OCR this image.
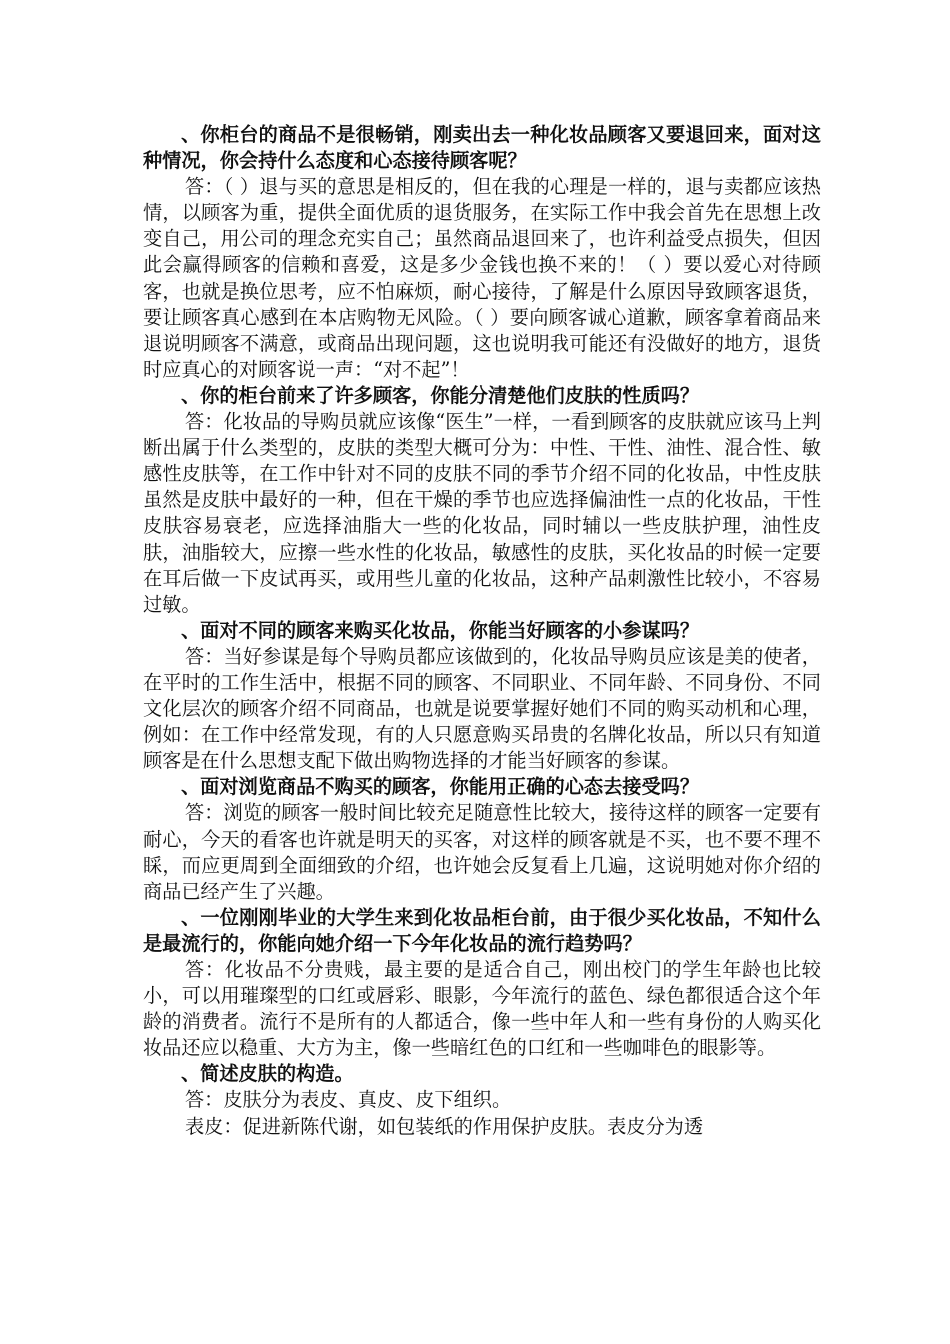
、你柜台的商品不是很畅销，刚卖出去一种化妆品顾客又要退回来，面对这种情况，你会持什么态度和心态接待顾客呢？

答：（ ）退与买的意思是相反的，但在我的心理是一样的，退与卖都应该热情，以顾客为重，提供全面优质的退货服务，在实际工作中我会首先在思想上改变自己，用公司的理念充实自己；虽然商品退回来了，也许利益受点损失，但因此会赢得顾客的信赖和喜爱，这是多少金钱也换不来的！（ ）要以爱心对待顾客，也就是换位思考，应不怕麻烦，耐心接待，了解是什么原因导致顾客退货，要让顾客真心感到在本店购物无风险。（ ）要向顾客诚心道歉，顾客拿着商品来退说明顾客不满意，或商品出现问题，这也说明我可能还有没做好的地方，退货时应真心的对顾客说一声：“对不起”！

、你的柜台前来了许多顾客，你能分清楚他们皮肤的性质吗？

答：化妆品的导购员就应该像“医生”一样，一看到顾客的皮肤就应该马上判断出属于什么类型的，皮肤的类型大概可分为：中性、干性、油性、混合性、敏感性皮肤等，在工作中针对不同的皮肤不同的季节介绍不同的化妆品，中性皮肤虽然是皮肤中最好的一种，但在干燥的季节也应选择偏油性一点的化妆品，干性皮肤容易衰老，应选择油脂大一些的化妆品，同时辅以一些皮肤护理，油性皮肤，油脂较大，应擦一些水性的化妆品，敏感性的皮肤，买化妆品的时候一定要在耳后做一下皮试再买，或用些儿童的化妆品，这种产品刺激性比较小，不容易过敏。

、面对不同的顾客来购买化妆品，你能当好顾客的小参谋吗？

答：当好参谋是每个导购员都应该做到的，化妆品导购员应该是美的使者，在平时的工作生活中，根据不同的顾客、不同职业、不同年龄、不同身份、不同文化层次的顾客介绍不同商品，也就是说要掌握好她们不同的购买动机和心理，例如：在工作中经常发现，有的人只愿意购买昂贵的名牌化妆品，所以只有知道顾客是在什么思想支配下做出购物选择的才能当好顾客的参谋。

、面对浏览商品不购买的顾客，你能用正确的心态去接受吗？

答：浏览的顾客一般时间比较充足随意性比较大，接待这样的顾客一定要有耐心，今天的看客也许就是明天的买客，对这样的顾客就是不买，也不要不理不睬，而应更周到全面细致的介绍，也许她会反复看上几遍，这说明她对你介绍的商品已经产生了兴趣。

、一位刚刚毕业的大学生来到化妆品柜台前，由于很少买化妆品，不知什么是最流行的，你能向她介绍一下今年化妆品的流行趋势吗？

答：化妆品不分贵贱，最主要的是适合自己，刚出校门的学生年龄也比较小，可以用璀璨型的口红或唇彩、眼影，今年流行的蓝色、绿色都很适合这个年龄的消费者。流行不是所有的人都适合，像一些中年人和一些有身份的人购买化妆品还应以稳重、大方为主，像一些暗红色的口红和一些咖啡色的眼影等。

、简述皮肤的构造。

答：皮肤分为表皮、真皮、皮下组织。

表皮：促进新陈代谢，如包装纸的作用保护皮肤。表皮分为透
